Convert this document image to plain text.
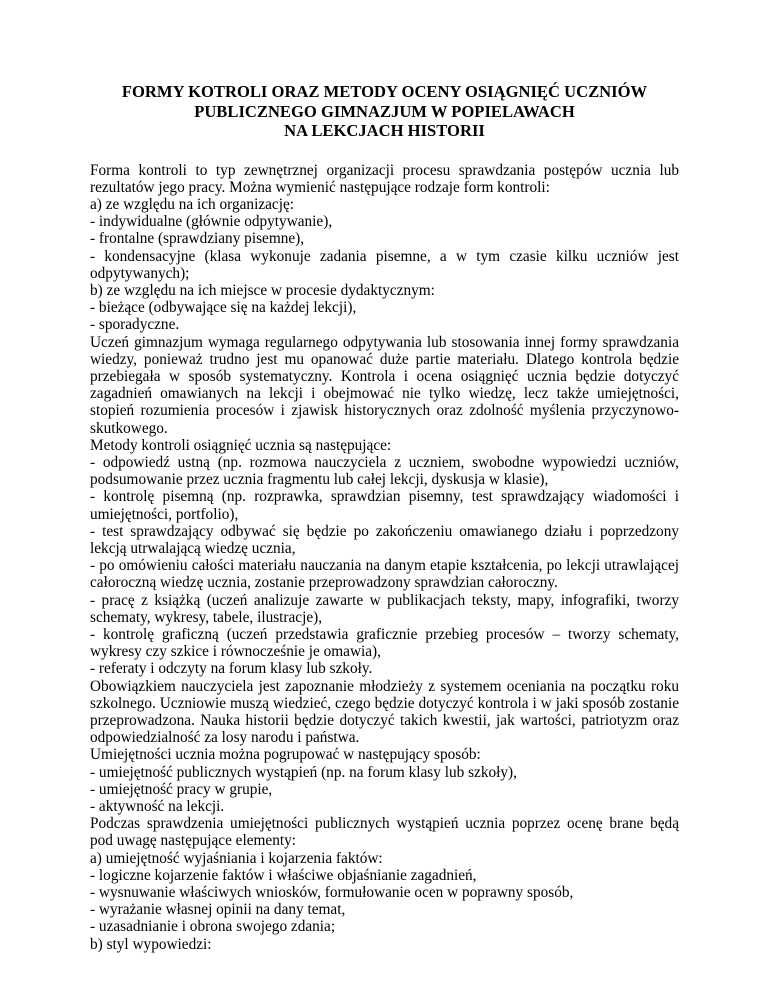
FORMY KOTROLI ORAZ METODY OCENY OSIĄGNIĘĆ UCZNIÓW
PUBLICZNEGO GIMNAZJUM W POPIELAWACH
NA LEKCJACH HISTORII

Forma kontroli to typ zewnętrznej organizacji procesu sprawdzania postępów ucznia lub rezultatów jego pracy. Można wymienić następujące rodzaje form kontroli:

a) ze względu na ich organizację:

- indywidualne (głównie odpytywanie),

- frontalne (sprawdziany pisemne),

- kondensacyjne (klasa wykonuje zadania pisemne, a w tym czasie kilku uczniów jest odpytywanych);

b) ze względu na ich miejsce w procesie dydaktycznym:

- bieżące (odbywające się na każdej lekcji),

- sporadyczne.

Uczeń gimnazjum wymaga regularnego odpytywania lub stosowania innej formy sprawdzania wiedzy, ponieważ trudno jest mu opanować duże partie materiału. Dlatego kontrola będzie przebiegała w sposób systematyczny. Kontrola i ocena osiągnięć ucznia będzie dotyczyć zagadnień omawianych na lekcji i obejmować nie tylko wiedzę, lecz także umiejętności, stopień rozumienia procesów i zjawisk historycznych oraz zdolność myślenia przyczynowo-skutkowego.

Metody kontroli osiągnięć ucznia są następujące:

- odpowiedź ustną (np. rozmowa nauczyciela z uczniem, swobodne wypowiedzi uczniów, podsumowanie przez ucznia fragmentu lub całej lekcji, dyskusja w klasie),

- kontrolę pisemną (np. rozprawka, sprawdzian pisemny, test sprawdzający wiadomości i umiejętności, portfolio),

- test sprawdzający odbywać się będzie po zakończeniu omawianego działu i poprzedzony lekcją utrwalającą wiedzę ucznia,

- po omówieniu całości materiału nauczania na danym etapie kształcenia, po lekcji utrawlającej całoroczną wiedzę ucznia, zostanie przeprowadzony sprawdzian całoroczny.

- pracę z książką (uczeń analizuje zawarte w publikacjach teksty, mapy, infografiki, tworzy schematy, wykresy, tabele, ilustracje),

- kontrolę graficzną (uczeń przedstawia graficznie przebieg procesów – tworzy schematy, wykresy czy szkice i równocześnie je omawia),

- referaty i odczyty na forum klasy lub szkoły.

Obowiązkiem nauczyciela jest zapoznanie młodzieży z systemem oceniania na początku roku szkolnego. Uczniowie muszą wiedzieć, czego będzie dotyczyć kontrola i w jaki sposób zostanie przeprowadzona. Nauka historii będzie dotyczyć takich kwestii, jak wartości, patriotyzm oraz odpowiedzialność za losy narodu i państwa.

Umiejętności ucznia można pogrupować w następujący sposób:

- umiejętność publicznych wystąpień (np. na forum klasy lub szkoły),

- umiejętność pracy w grupie,

- aktywność na lekcji.

Podczas sprawdzenia umiejętności publicznych wystąpień ucznia poprzez ocenę brane będą pod uwagę następujące elementy:

a) umiejętność wyjaśniania i kojarzenia faktów:

- logiczne kojarzenie faktów i właściwe objaśnianie zagadnień,

- wysnuwanie właściwych wniosków, formułowanie ocen w poprawny sposób,

- wyrażanie własnej opinii na dany temat,

- uzasadnianie i obrona swojego zdania;

b) styl wypowiedzi:
